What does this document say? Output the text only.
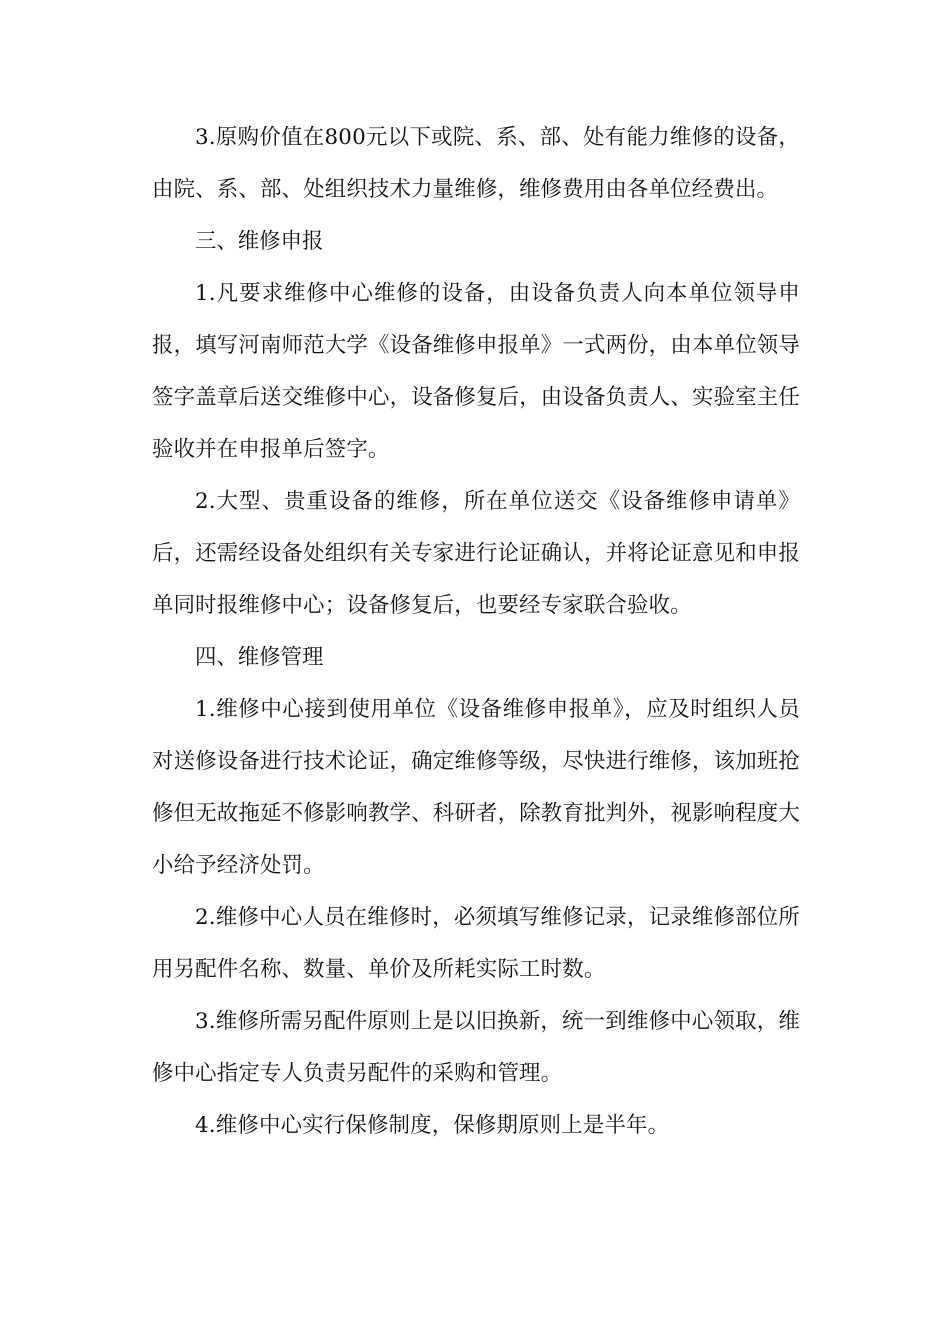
3.原购价值在800元以下或院、系、部、处有能力维修的设备，由院、系、部、处组织技术力量维修，维修费用由各单位经费出。

三、维修申报

1.凡要求维修中心维修的设备，由设备负责人向本单位领导申报，填写河南师范大学《设备维修申报单》一式两份，由本单位领导签字盖章后送交维修中心，设备修复后，由设备负责人、实验室主任验收并在申报单后签字。

2.大型、贵重设备的维修，所在单位送交《设备维修申请单》后，还需经设备处组织有关专家进行论证确认，并将论证意见和申报单同时报维修中心；设备修复后，也要经专家联合验收。

四、维修管理

1.维修中心接到使用单位《设备维修申报单》，应及时组织人员对送修设备进行技术论证，确定维修等级，尽快进行维修，该加班抢修但无故拖延不修影响教学、科研者，除教育批判外，视影响程度大小给予经济处罚。

2.维修中心人员在维修时，必须填写维修记录，记录维修部位所用另配件名称、数量、单价及所耗实际工时数。

3.维修所需另配件原则上是以旧换新，统一到维修中心领取，维修中心指定专人负责另配件的采购和管理。

4.维修中心实行保修制度，保修期原则上是半年。
